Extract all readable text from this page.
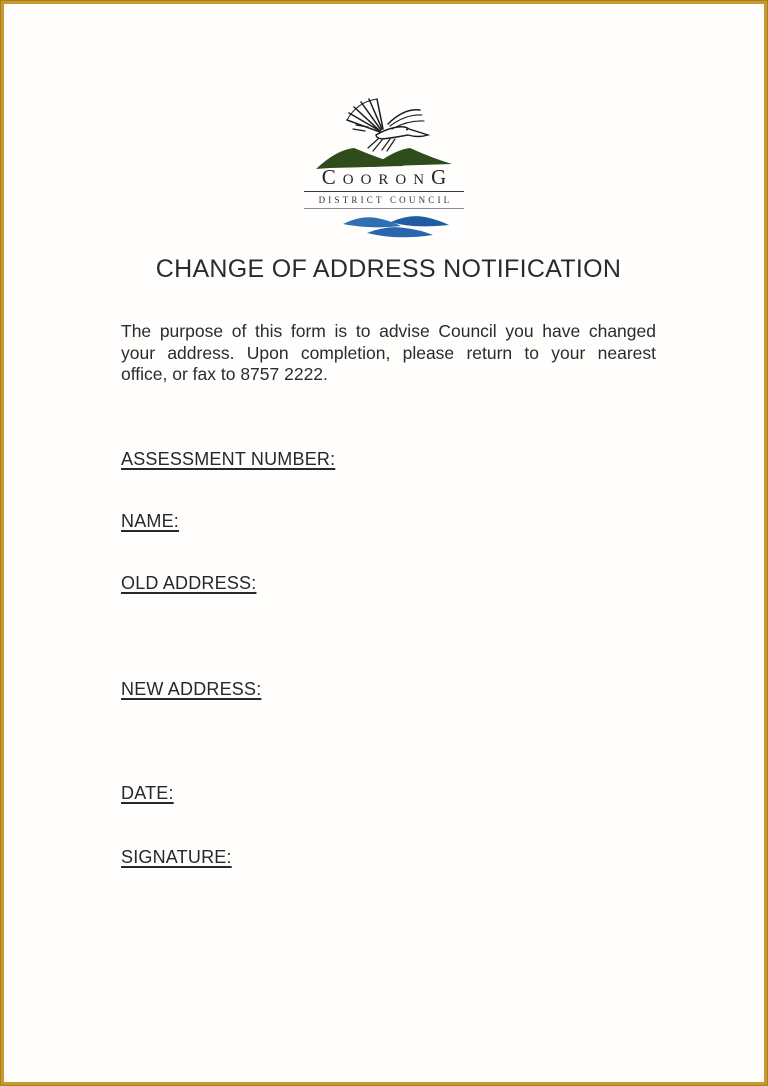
C OORON G
DISTRICT COUNCIL
CHANGE OF ADDRESS NOTIFICATION
The purpose of this form is to advise Council you have changed
your address. Upon completion, please return to your nearest
office, or fax to 8757 2222.
ASSESSMENT NUMBER:
NAME:
OLD ADDRESS:
NEW ADDRESS:
DATE:
SIGNATURE:
